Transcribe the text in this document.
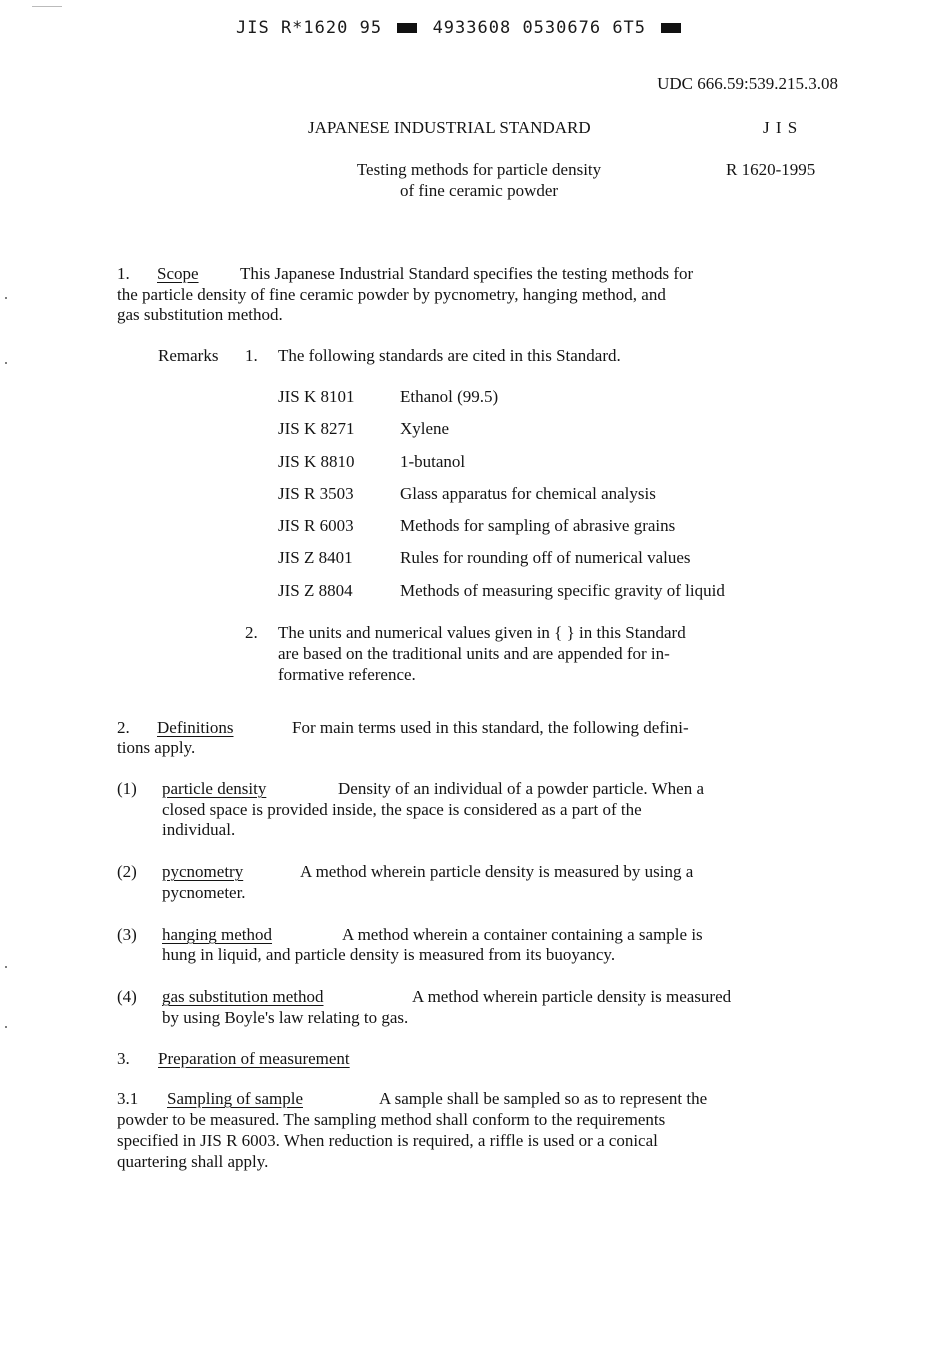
JIS R*1620 95	4933608 0530676 6T5
UDC 666.59:539.215.3.08
JAPANESE INDUSTRIAL STANDARD	J I S
Testing methods for particle density
of fine ceramic powder
R 1620-1995
1. Scope This Japanese Industrial Standard specifies the testing methods for
the particle density of fine ceramic powder by pycnometry, hanging method, and
gas substitution method.
Remarks 1. The following standards are cited in this Standard.
JIS K 8101	Ethanol (99.5)
JIS K 8271	Xylene
JIS K 8810	1-butanol
JIS R 3503	Glass apparatus for chemical analysis
JIS R 6003	Methods for sampling of abrasive grains
JIS Z 8401	Rules for rounding off of numerical values
JIS Z 8804	Methods of measuring specific gravity of liquid
2. The units and numerical values given in { } in this Standard
are based on the traditional units and are appended for in-
formative reference.
2. Definitions	For main terms used in this standard, the following defini-
tions apply.
(1) particle density	Density of an individual of a powder particle. When a
closed space is provided inside, the space is considered as a part of the
individual.
(2) pycnometry	A method wherein particle density is measured by using a
pycnometer.
(3) hanging method	A method wherein a container containing a sample is
hung in liquid, and particle density is measured from its buoyancy.
(4) gas substitution method	A method wherein particle density is measured
by using Boyle's law relating to gas.
3. Preparation of measurement
3.1 Sampling of sample	A sample shall be sampled so as to represent the
powder to be measured. The sampling method shall conform to the requirements
specified in JIS R 6003. When reduction is required, a riffle is used or a conical
quartering shall apply.
